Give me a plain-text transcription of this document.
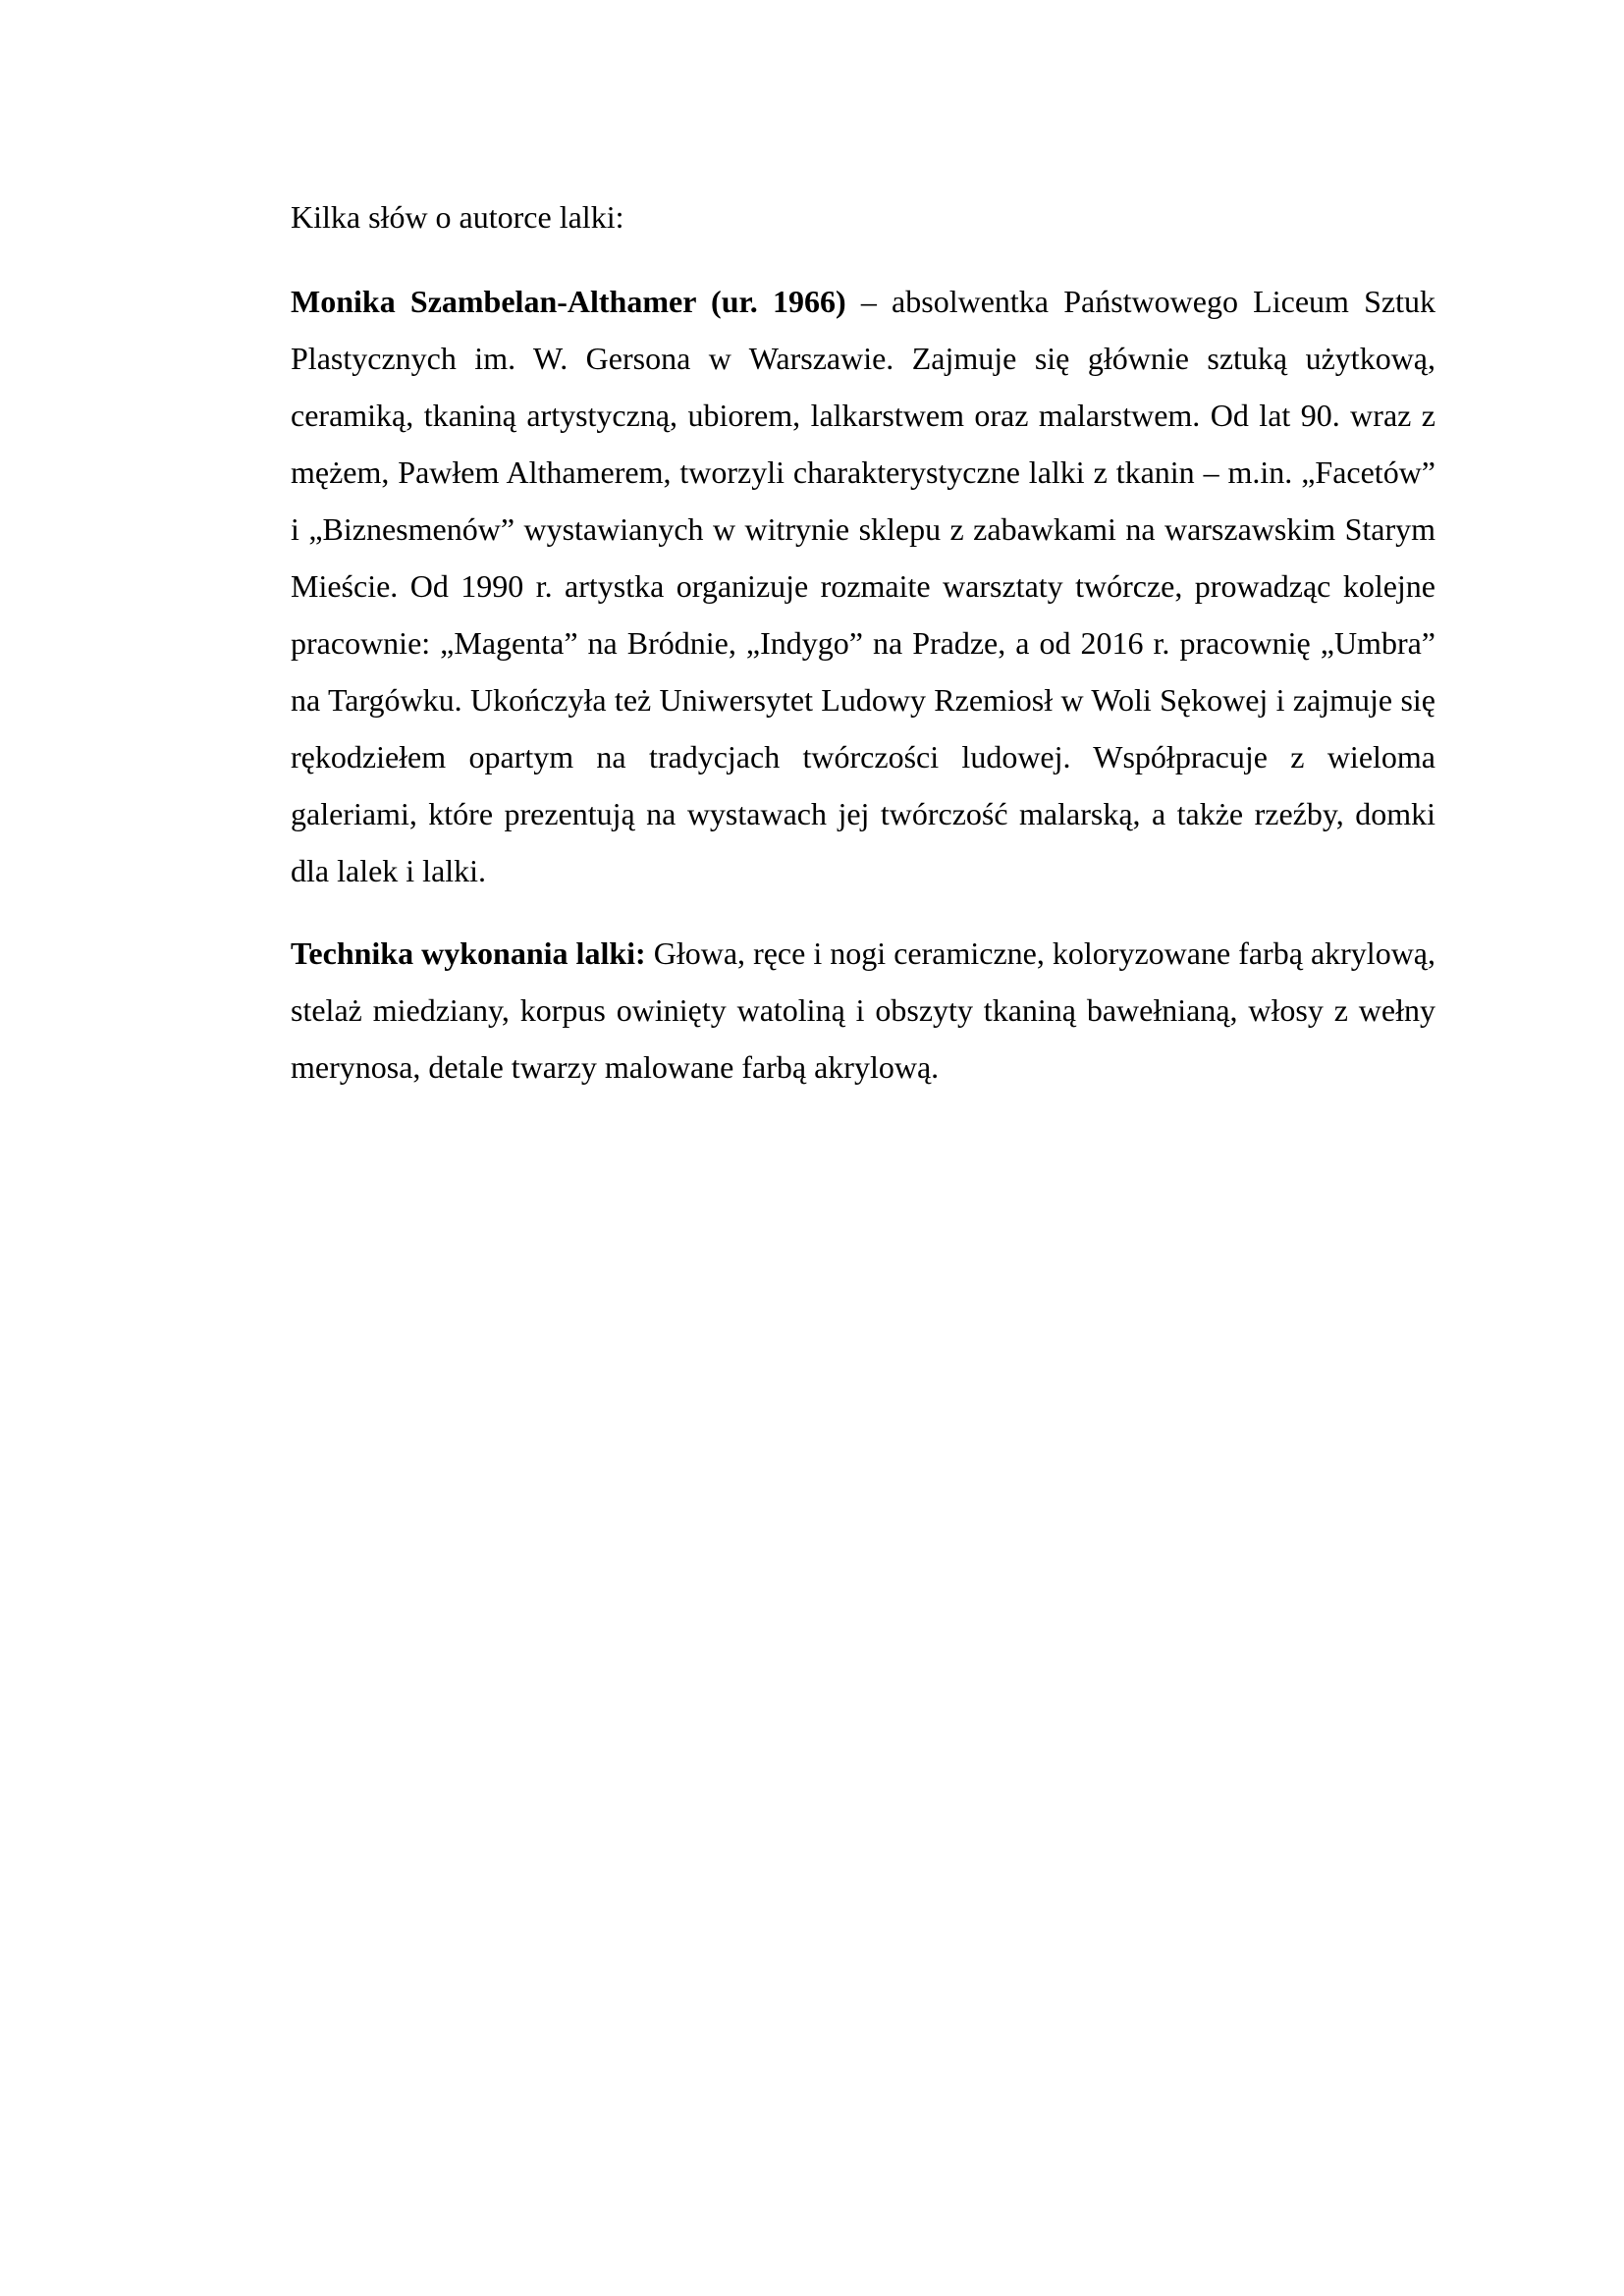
Kilka słów o autorce lalki:

Monika Szambelan-Althamer (ur. 1966) – absolwentka Państwowego Liceum Sztuk Plastycznych im. W. Gersona w Warszawie. Zajmuje się głównie sztuką użytkową, ceramiką, tkaniną artystyczną, ubiorem, lalkarstwem oraz malarstwem. Od lat 90. wraz z mężem, Pawłem Althamerem, tworzyli charakterystyczne lalki z tkanin – m.in. „Facetów” i „Biznesmenów” wystawianych w witrynie sklepu z zabawkami na warszawskim Starym Mieście. Od 1990 r. artystka organizuje rozmaite warsztaty twórcze, prowadząc kolejne pracownie: „Magenta” na Bródnie, „Indygo” na Pradze, a od 2016 r. pracownię „Umbra” na Targówku. Ukończyła też Uniwersytet Ludowy Rzemiosł w Woli Sękowej i zajmuje się rękodziełem opartym na tradycjach twórczości ludowej. Współpracuje z wieloma galeriami, które prezentują na wystawach jej twórczość malarską, a także rzeźby, domki dla lalek i lalki.

Technika wykonania lalki: Głowa, ręce i nogi ceramiczne, koloryzowane farbą akrylową, stelaż miedziany, korpus owinięty watoliną i obszyty tkaniną bawełnianą, włosy z wełny merynosa, detale twarzy malowane farbą akrylową.
